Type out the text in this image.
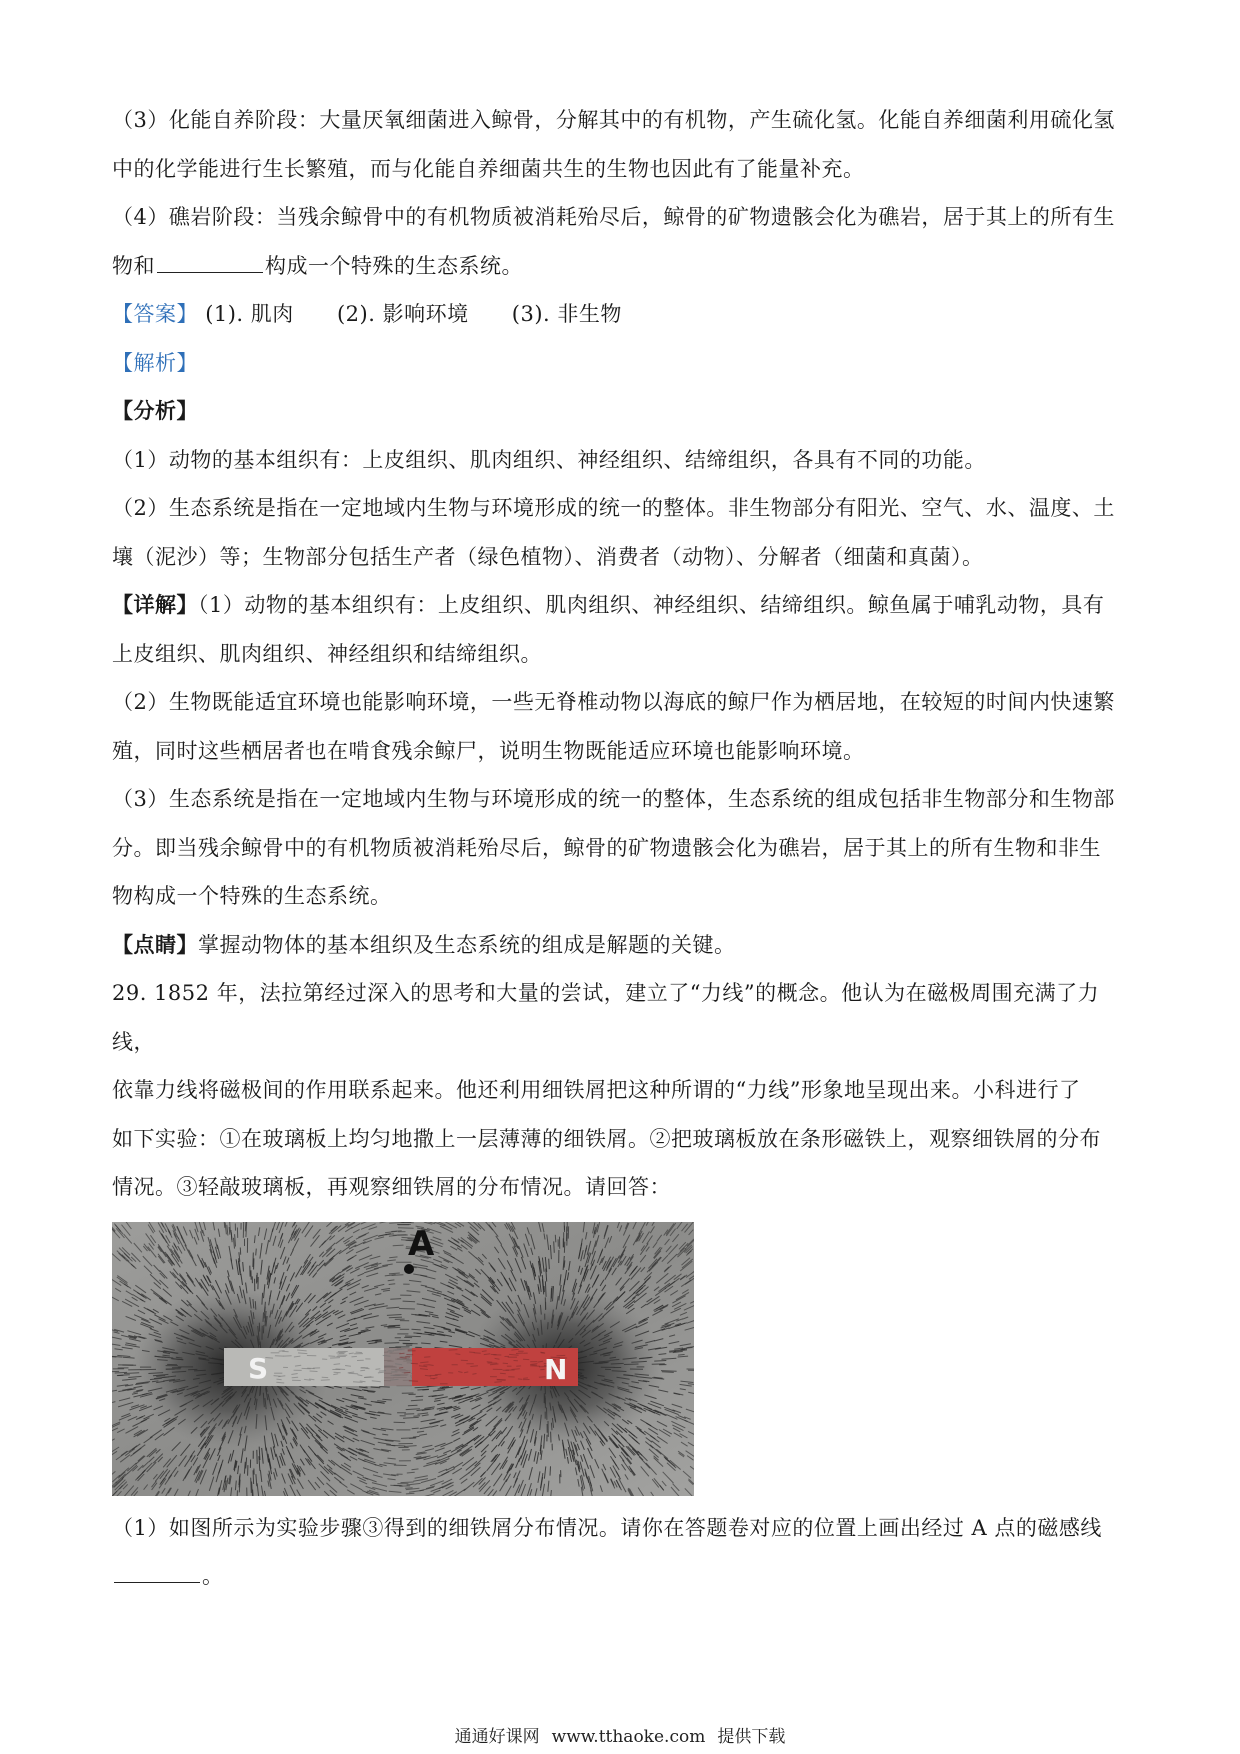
（3）化能自养阶段：大量厌氧细菌进入鲸骨，分解其中的有机物，产生硫化氢。化能自养细菌利用硫化氢

中的化学能进行生长繁殖，而与化能自养细菌共生的生物也因此有了能量补充。

（4）礁岩阶段：当残余鲸骨中的有机物质被消耗殆尽后，鲸骨的矿物遗骸会化为礁岩，居于其上的所有生

物和	构成一个特殊的生态系统。

【答案】 (1). 肌肉 (2). 影响环境 (3). 非生物

【解析】

【分析】

（1）动物的基本组织有：上皮组织、肌肉组织、神经组织、结缔组织，各具有不同的功能。

（2）生态系统是指在一定地域内生物与环境形成的统一的整体。非生物部分有阳光、空气、水、温度、土

壤（泥沙）等；生物部分包括生产者（绿色植物）、消费者（动物）、分解者（细菌和真菌）。

【详解】（1）动物的基本组织有：上皮组织、肌肉组织、神经组织、结缔组织。鲸鱼属于哺乳动物，具有

上皮组织、肌肉组织、神经组织和结缔组织。

（2）生物既能适宜环境也能影响环境，一些无脊椎动物以海底的鲸尸作为栖居地，在较短的时间内快速繁

殖，同时这些栖居者也在啃食残余鲸尸，说明生物既能适应环境也能影响环境。

（3）生态系统是指在一定地域内生物与环境形成的统一的整体，生态系统的组成包括非生物部分和生物部

分。即当残余鲸骨中的有机物质被消耗殆尽后，鲸骨的矿物遗骸会化为礁岩，居于其上的所有生物和非生

物构成一个特殊的生态系统。

【点睛】掌握动物体的基本组织及生态系统的组成是解题的关键。

29. 1852 年，法拉第经过深入的思考和大量的尝试，建立了“力线”的概念。他认为在磁极周围充满了力线，

依靠力线将磁极间的作用联系起来。他还利用细铁屑把这种所谓的“力线”形象地呈现出来。小科进行了

如下实验：①在玻璃板上均匀地撒上一层薄薄的细铁屑。②把玻璃板放在条形磁铁上，观察细铁屑的分布

情况。③轻敲玻璃板，再观察细铁屑的分布情况。请回答：

S	N
A

（1）如图所示为实验步骤③得到的细铁屑分布情况。请你在答题卷对应的位置上画出经过 A 点的磁感线

。

通通好课网 www.tthaoke.com 提供下载
